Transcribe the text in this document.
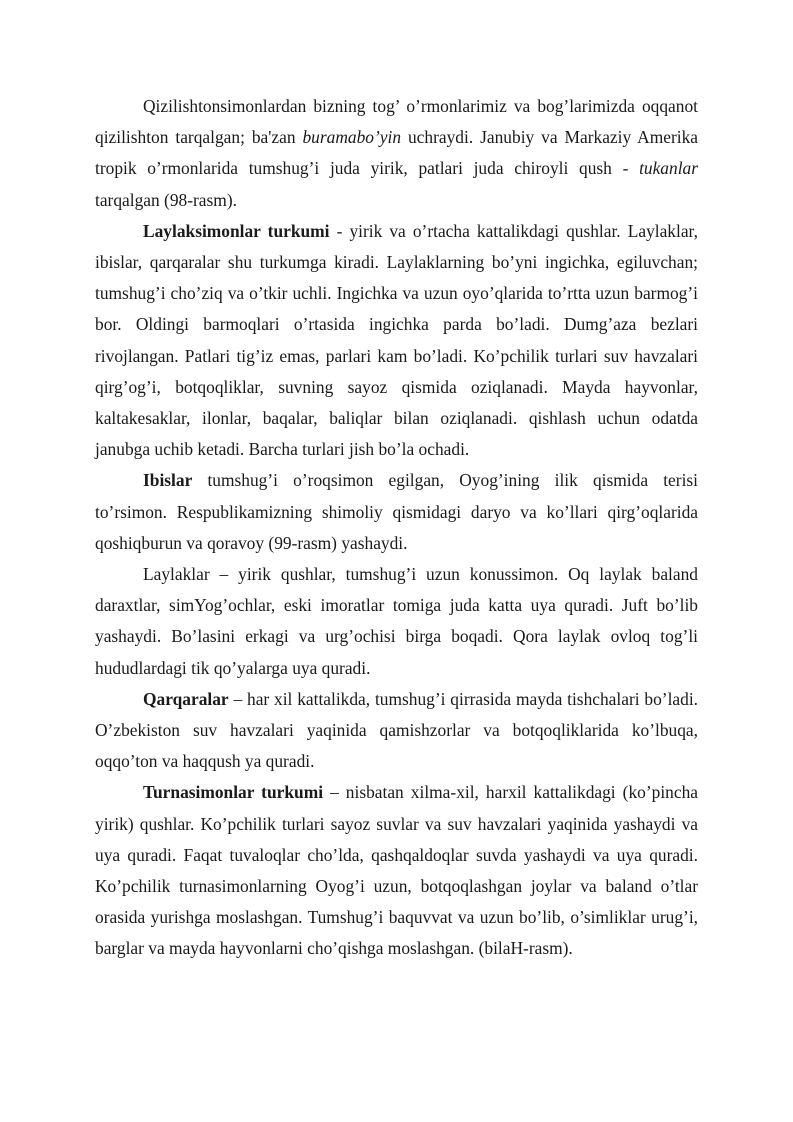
Qizilishtonsimonlardan bizning tog’ o’rmonlarimiz va bog’larimizda oqqanot qizilishton tarqalgan; ba'zan buramabo’yin uchraydi. Janubiy va Markaziy Amerika tropik o’rmonlarida tumshug’i juda yirik, patlari juda chiroyli qush - tukanlar tarqalgan (98-rasm).

Laylaksimonlar turkumi - yirik va o’rtacha kattalikdagi qushlar. Laylaklar, ibislar, qarqaralar shu turkumga kiradi. Laylaklarning bo’yni ingichka, egiluvchan; tumshug’i cho’ziq va o’tkir uchli. Ingichka va uzun oyo’qlarida to’rtta uzun barmog’i bor. Oldingi barmoqlari o’rtasida ingichka parda bo’ladi. Dumg’aza bezlari rivojlangan. Patlari tig’iz emas, parlari kam bo’ladi. Ko’pchilik turlari suv havzalari qirg’og’i, botqoqliklar, suvning sayoz qismida oziqlanadi. Mayda hayvonlar, kaltakesaklar, ilonlar, baqalar, baliqlar bilan oziqlanadi. qishlash uchun odatda janubga uchib ketadi. Barcha turlari jish bo’la ochadi.

Ibislar tumshug’i o’roqsimon egilgan, Oyog’ining ilik qismida terisi to’rsimon. Respublikamizning shimoliy qismidagi daryo va ko’llari qirg’oqlarida qoshiqburun va qoravoy (99-rasm) yashaydi.

Laylaklar – yirik qushlar, tumshug’i uzun konussimon. Oq laylak baland daraxtlar, simYog’ochlar, eski imoratlar tomiga juda katta uya quradi. Juft bo’lib yashaydi. Bo’lasini erkagi va urg’ochisi birga boqadi. Qora laylak ovloq tog’li hududlardagi tik qo’yalarga uya quradi.

Qarqaralar – har xil kattalikda, tumshug’i qirrasida mayda tishchalari bo’ladi. O’zbekiston suv havzalari yaqinida qamishzorlar va botqoqliklarida ko’lbuqa, oqqo’ton va haqqush ya quradi.

Turnasimonlar turkumi – nisbatan xilma-xil, harxil kattalikdagi (ko’pincha yirik) qushlar. Ko’pchilik turlari sayoz suvlar va suv havzalari yaqinida yashaydi va uya quradi. Faqat tuvaloqlar cho’lda, qashqaldoqlar suvda yashaydi va uya quradi. Ko’pchilik turnasimonlarning Oyog’i uzun, botqoqlashgan joylar va baland o’tlar orasida yurishga moslashgan. Tumshug’i baquvvat va uzun bo’lib, o’simliklar urug’i, barglar va mayda hayvonlarni cho’qishga moslashgan. (bilaH-rasm).
